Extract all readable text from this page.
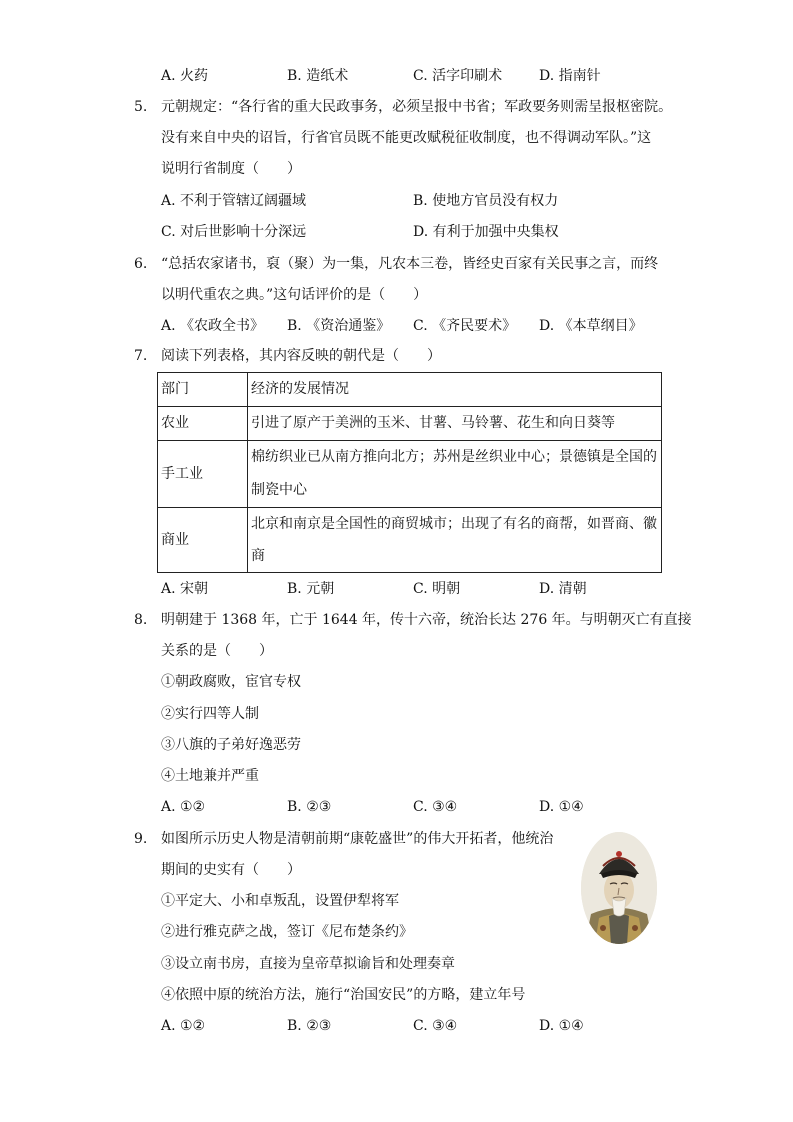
A. 火药	B. 造纸术	C. 活字印刷术	D. 指南针
5. 元朝规定：“各行省的重大民政事务，必须呈报中书省；军政要务则需呈报枢密院。
没有来自中央的诏旨，行省官员既不能更改赋税征收制度，也不得调动军队。”这
说明行省制度（　　）
A. 不利于管辖辽阔疆域	B. 使地方官员没有权力
C. 对后世影响十分深远	D. 有利于加强中央集权
6. “总括农家诸书，裒（聚）为一集，凡农本三卷，皆经史百家有关民事之言，而终
以明代重农之典。”这句话评价的是（　　）
A. 《农政全书》 B. 《资治通鉴》 C. 《齐民要术》 D. 《本草纲目》
7. 阅读下列表格，其内容反映的朝代是（　　）
部门	经济的发展情况
农业	引进了原产于美洲的玉米、甘薯、马铃薯、花生和向日葵等
手工业	棉纺织业已从南方推向北方；苏州是丝织业中心；景德镇是全国的制瓷中心
商业	北京和南京是全国性的商贸城市；出现了有名的商帮，如晋商、徽商
A. 宋朝	B. 元朝	C. 明朝	D. 清朝
8. 明朝建于 1368 年，亡于 1644 年，传十六帝，统治长达 276 年。与明朝灭亡有直接
关系的是（　　）
①朝政腐败，宦官专权
②实行四等人制
③八旗的子弟好逸恶劳
④土地兼并严重
A. ①②	B. ②③	C. ③④	D. ①④
9. 如图所示历史人物是清朝前期“康乾盛世”的伟大开拓者，他统治
期间的史实有（　　）
①平定大、小和卓叛乱，设置伊犁将军
②进行雅克萨之战，签订《尼布楚条约》
③设立南书房，直接为皇帝草拟谕旨和处理奏章
④依照中原的统治方法，施行“治国安民”的方略，建立年号
A. ①②	B. ②③	C. ③④	D. ①④
